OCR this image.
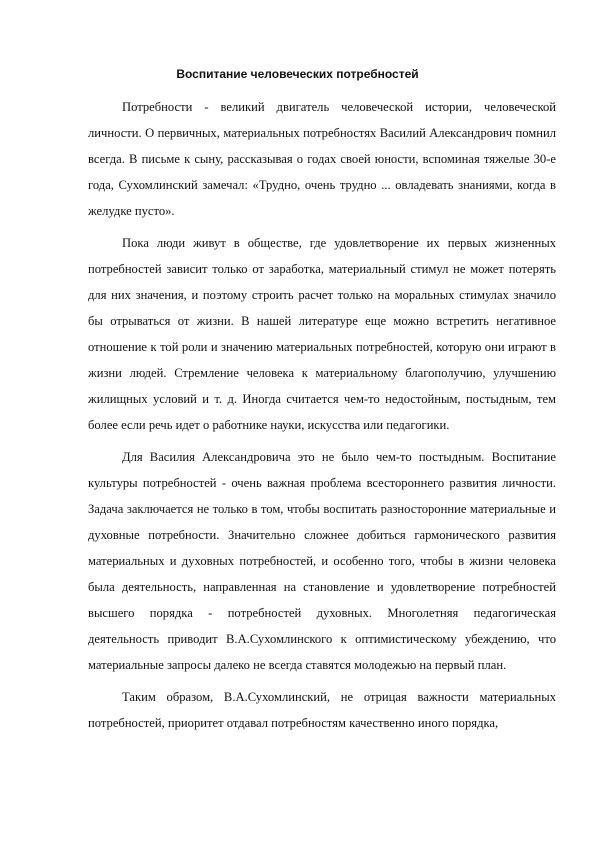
Воспитание человеческих потребностей

Потребности - великий двигатель человеческой истории, человеческой личности. О первичных, материальных потребностях Василий Александрович помнил всегда. В письме к сыну, рассказывая о годах своей юности, вспоминая тяжелые 30-е года, Сухомлинский замечал: «Трудно, очень трудно ... овладевать знаниями, когда в желудке пусто».

Пока люди живут в обществе, где удовлетворение их первых жизненных потребностей зависит только от заработка, материальный стимул не может потерять для них значения, и поэтому строить расчет только на моральных стимулах значило бы отрываться от жизни. В нашей литературе еще можно встретить негативное отношение к той роли и значению материальных потребностей, которую они играют в жизни людей. Стремление человека к материальному благополучию, улучшению жилищных условий и т. д. Иногда считается чем-то недостойным, постыдным, тем более если речь идет о работнике науки, искусства или педагогики.

Для Василия Александровича это не было чем-то постыдным. Воспитание культуры потребностей - очень важная проблема всестороннего развития личности. Задача заключается не только в том, чтобы воспитать разносторонние материальные и духовные потребности. Значительно сложнее добиться гармонического развития материальных и духовных потребностей, и особенно того, чтобы в жизни человека была деятельность, направленная на становление и удовлетворение потребностей высшего порядка - потребностей духовных. Многолетняя педагогическая деятельность приводит В.А.Сухомлинского к оптимистическому убеждению, что материальные запросы далеко не всегда ставятся молодежью на первый план.

Таким образом, В.А.Сухомлинский, не отрицая важности материальных потребностей, приоритет отдавал потребностям качественно иного порядка,
